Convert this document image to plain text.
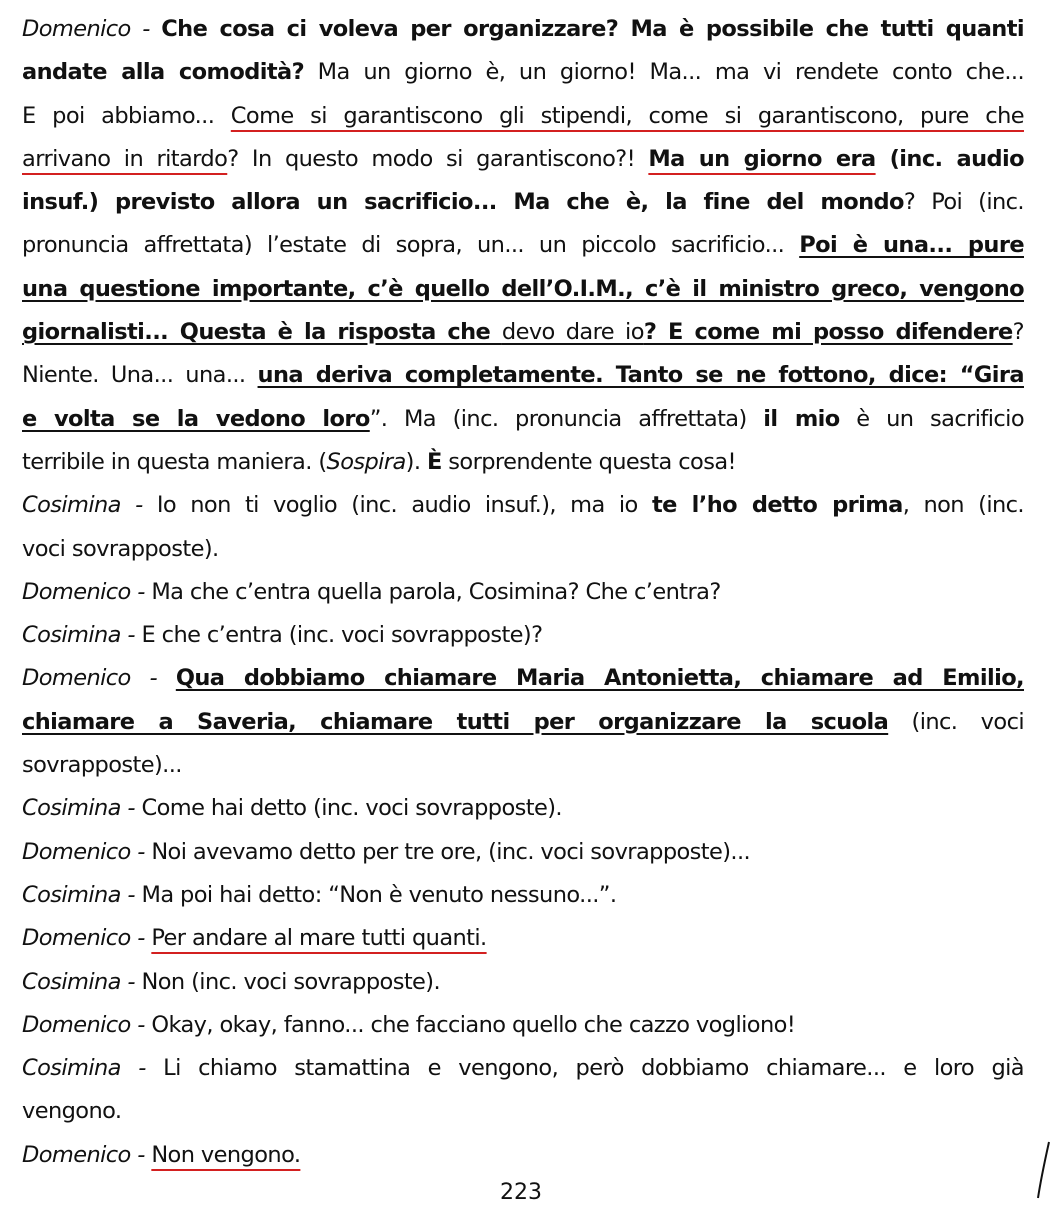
Domenico - Che cosa ci voleva per organizzare? Ma è possibile che tutti quanti
andate alla comodità? Ma un giorno è, un giorno! Ma... ma vi rendete conto che...
E poi abbiamo... Come si garantiscono gli stipendi, come si garantiscono, pure che
arrivano in ritardo? In questo modo si garantiscono?! Ma un giorno era (inc. audio
insuf.) previsto allora un sacrificio... Ma che è, la fine del mondo? Poi (inc.
pronuncia affrettata) l’estate di sopra, un... un piccolo sacrificio... Poi è una... pure
una questione importante, c’è quello dell’O.I.M., c’è il ministro greco, vengono
giornalisti... Questa è la risposta che devo dare io? E come mi posso difendere?
Niente. Una... una... una deriva completamente. Tanto se ne fottono, dice: “Gira
e volta se la vedono loro”. Ma (inc. pronuncia affrettata) il mio è un sacrificio
terribile in questa maniera. (Sospira). È sorprendente questa cosa!
Cosimina - Io non ti voglio (inc. audio insuf.), ma io te l’ho detto prima, non (inc.
voci sovrapposte).
Domenico - Ma che c’entra quella parola, Cosimina? Che c’entra?
Cosimina - E che c’entra (inc. voci sovrapposte)?
Domenico - Qua dobbiamo chiamare Maria Antonietta, chiamare ad Emilio,
chiamare a Saveria, chiamare tutti per organizzare la scuola (inc. voci
sovrapposte)...
Cosimina - Come hai detto (inc. voci sovrapposte).
Domenico - Noi avevamo detto per tre ore, (inc. voci sovrapposte)...
Cosimina - Ma poi hai detto: “Non è venuto nessuno...”.
Domenico - Per andare al mare tutti quanti.
Cosimina - Non (inc. voci sovrapposte).
Domenico - Okay, okay, fanno... che facciano quello che cazzo vogliono!
Cosimina - Li chiamo stamattina e vengono, però dobbiamo chiamare... e loro già
vengono.
Domenico - Non vengono.
223
